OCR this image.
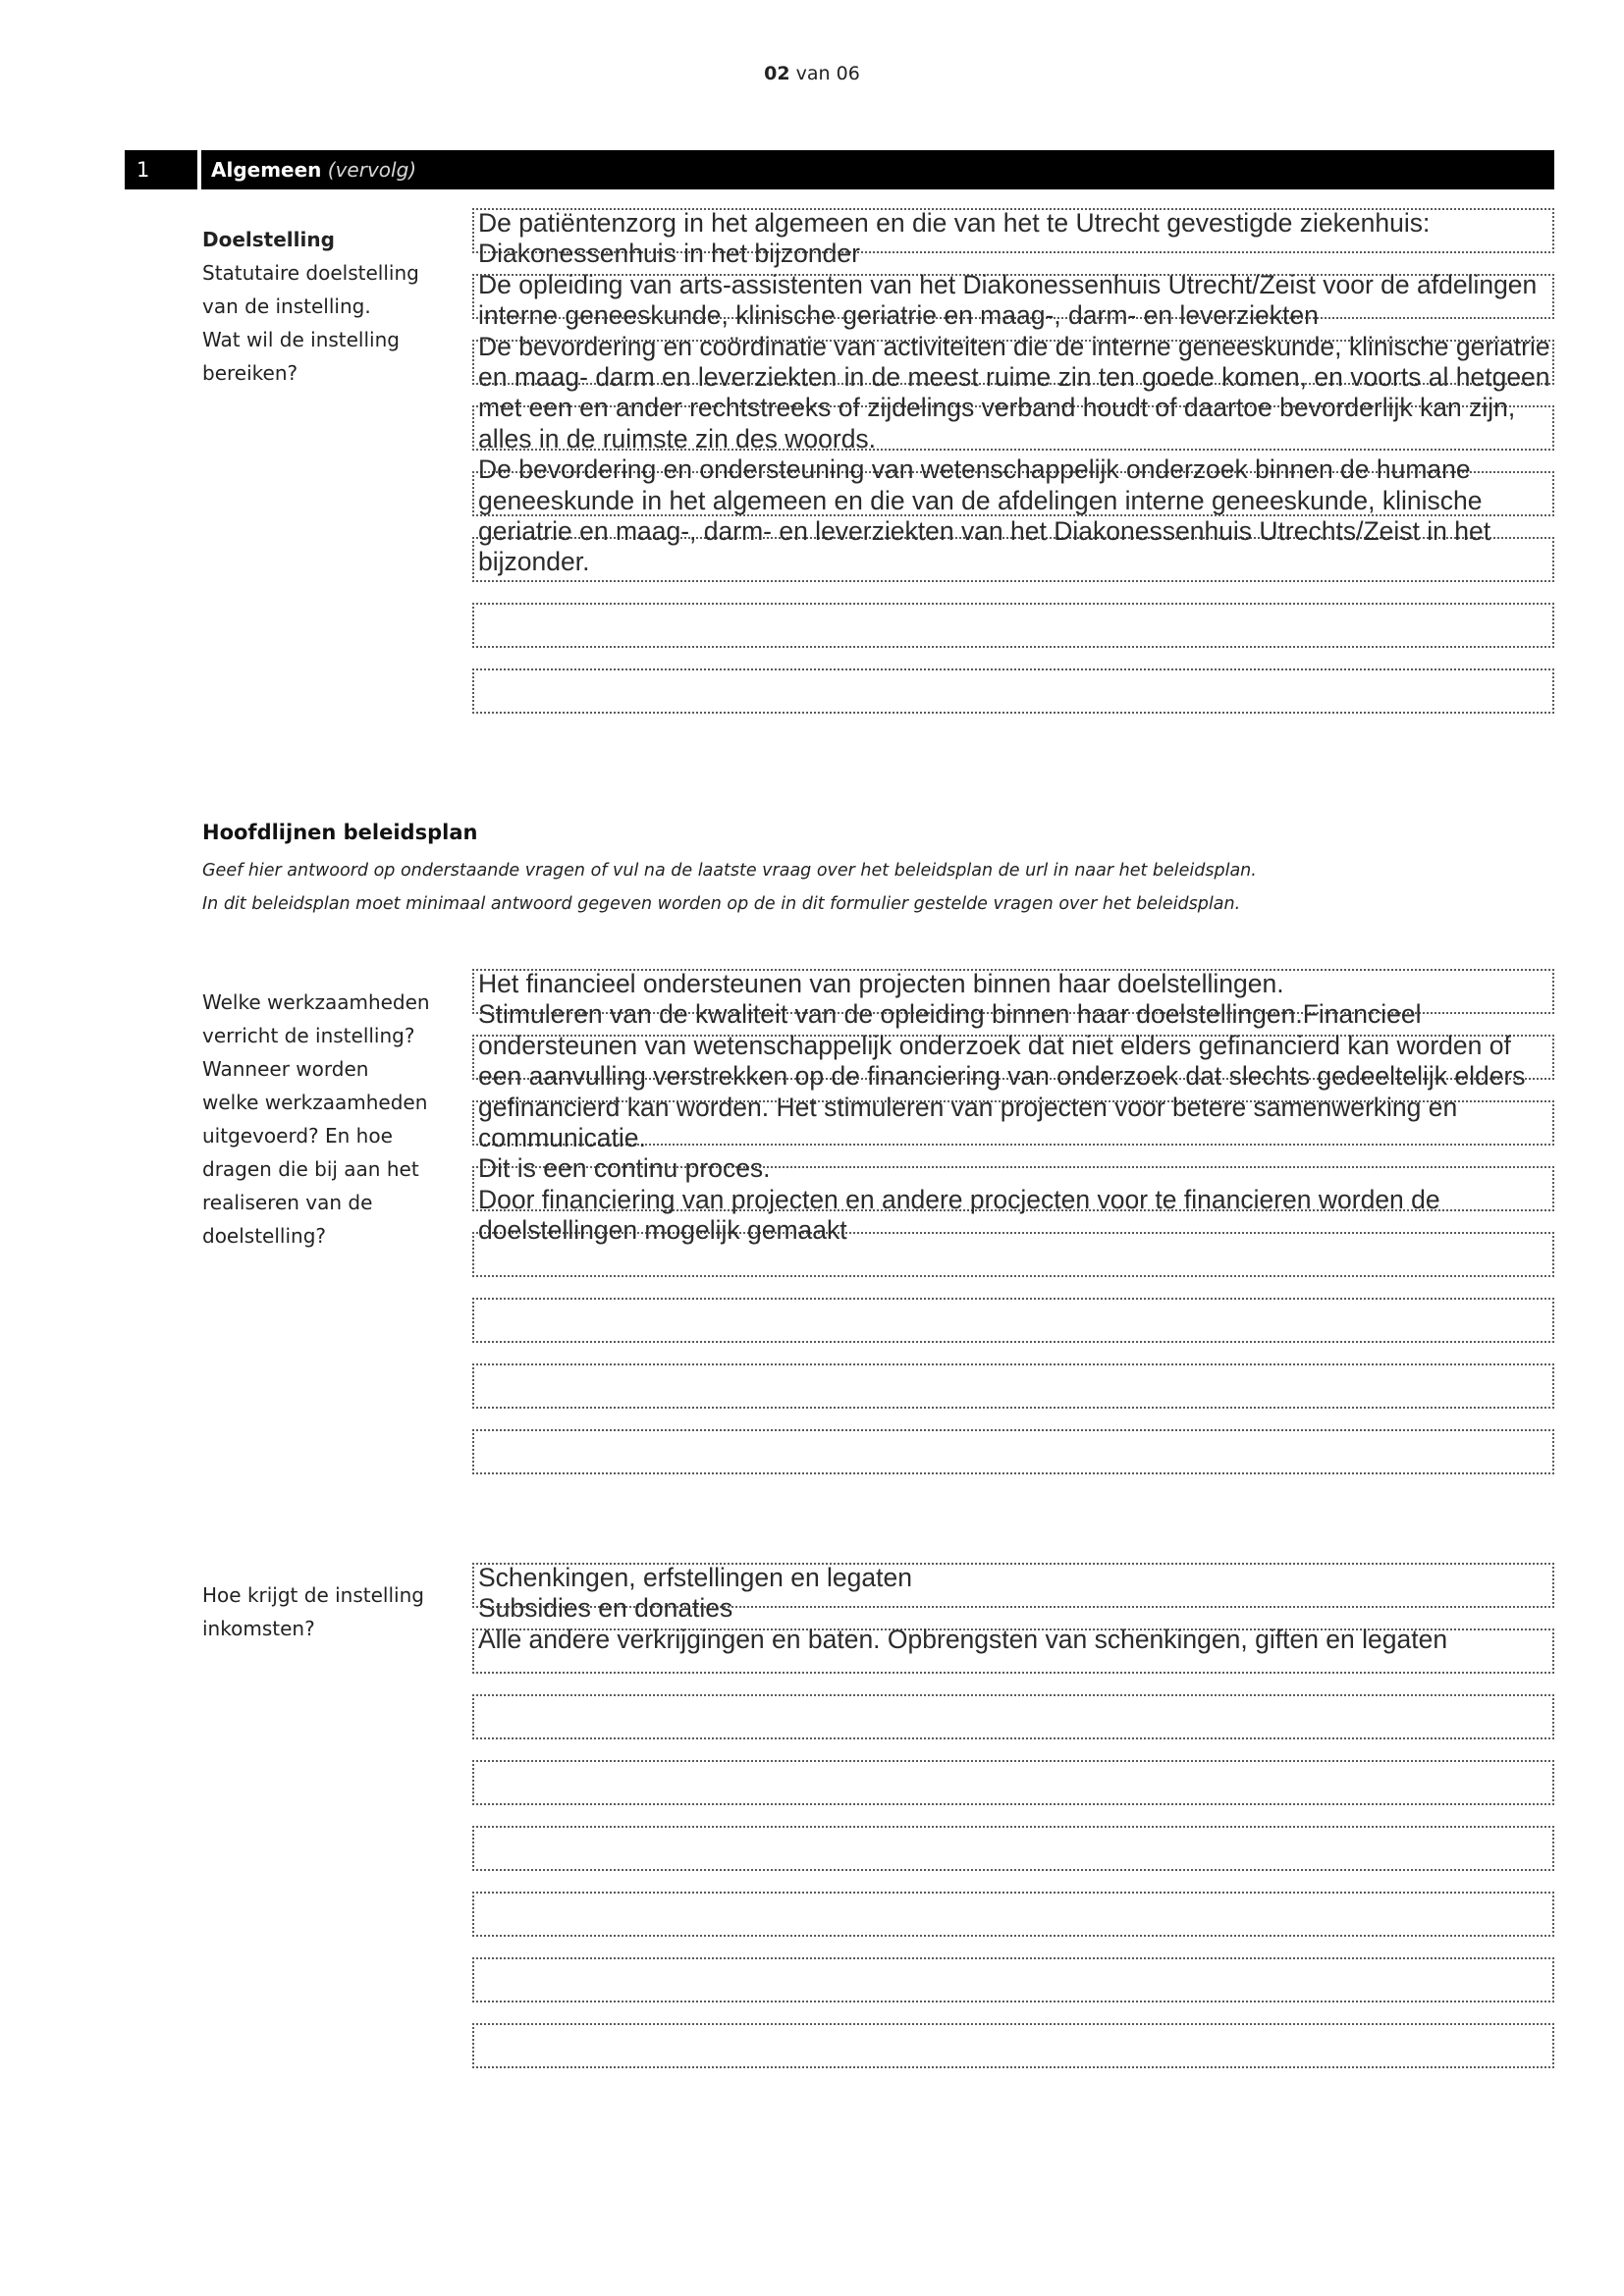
02 van 06
1	Algemeen (vervolg)
Doelstelling
Statutaire doelstelling
van de instelling.
Wat wil de instelling
bereiken?

De patiëntenzorg in het algemeen en die van het te Utrecht gevestigde ziekenhuis: Diakonessenhuis in het bijzonder
De opleiding van arts-assistenten van het Diakonessenhuis Utrecht/Zeist voor de afdelingen interne geneeskunde, klinische geriatrie en maag-, darm- en leverziekten
De bevordering en coördinatie van activiteiten die de interne geneeskunde, klinische geriatrie en maag- darm en leverziekten in de meest ruime zin ten goede komen, en voorts al hetgeen met een en ander rechtstreeks of zijdelings verband houdt of daartoe bevorderlijk kan zijn, alles in de ruimste zin des woords.
De bevordering en ondersteuning van wetenschappelijk onderzoek binnen de humane geneeskunde in het algemeen en die van de afdelingen interne geneeskunde, klinische geriatrie en maag-, darm- en leverziekten van het Diakonessenhuis Utrechts/Zeist in het bijzonder.

Hoofdlijnen beleidsplan
Geef hier antwoord op onderstaande vragen of vul na de laatste vraag over het beleidsplan de url in naar het beleidsplan.
In dit beleidsplan moet minimaal antwoord gegeven worden op de in dit formulier gestelde vragen over het beleidsplan.
Welke werkzaamheden
verricht de instelling?
Wanneer worden
welke werkzaamheden
uitgevoerd? En hoe
dragen die bij aan het
realiseren van de
doelstelling?

Het financieel ondersteunen van projecten binnen haar doelstellingen.
Stimuleren van de kwaliteit van de opleiding binnen haar doelstellingen.Financieel ondersteunen van wetenschappelijk onderzoek dat niet elders gefinancierd kan worden of een aanvulling verstrekken op de financiering van onderzoek dat slechts gedeeltelijk elders gefinancierd kan worden. Het stimuleren van projecten voor betere samenwerking en communicatie.
Dit is een continu proces.
Door financiering van projecten en andere procjecten voor te financieren worden de doelstellingen mogelijk gemaakt

Hoe krijgt de instelling
inkomsten?

Schenkingen, erfstellingen en legaten
Subsidies en donaties
Alle andere verkrijgingen en baten. Opbrengsten van schenkingen, giften en legaten
